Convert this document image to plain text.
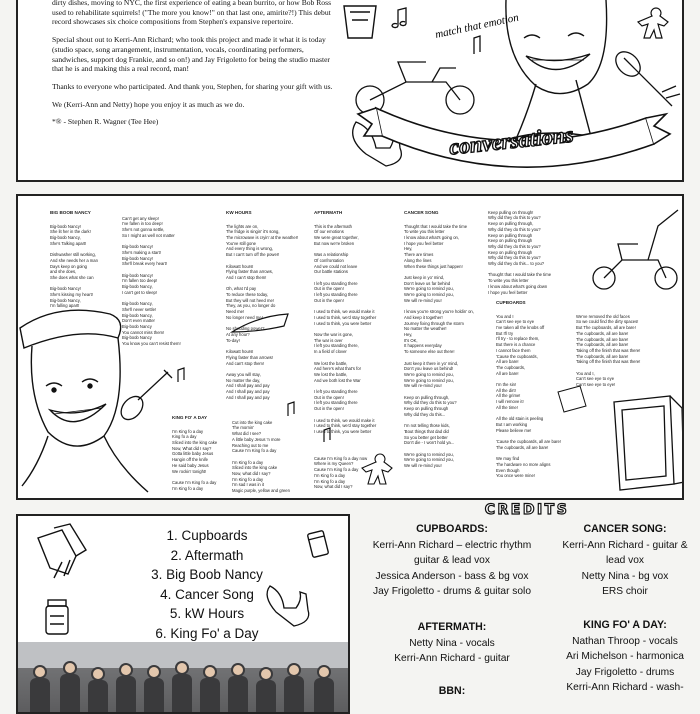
dirty dishes, moving to NYC, the first experience of eating a bean burrito, or how Bob Ross used to rehabilitate squirrels! ("The more you know!" on that last one, amirite?!) This debut record showcases six choice compositions from Stephen's expansive repertoire.

Special shout out to Kerri-Ann Richard; who took this project and made it what it is today (studio space, song arrangement, instrumentation, vocals, coordinating performers, sandwiches, support dog Frankie, and so on!) and Jay Frigoletto for being the studio master that he is and making this a real record, man!

Thanks to everyone who participated. And thank you, Stephen, for sharing your gift with us.

We (Kerri-Ann and Netty) hope you enjoy it as much as we do.

*® - Stephen R. Wagner (Tee Hee)

match that emotion
conversations

BIG BOOB NANCY

Big-boob Nancy!
She lit her in the dark!
Big-boob Nancy,
She's Talking apart!

Dishwasher still working,
And she needs her a man
Days keep on going
and she does,
She does what she can

Big-boob Nancy!
She's kissing my heart!
Big-boob Nancy,
I'm falling apart!

Can't get any sleep!
I've fallen in too deep!
She's not gonna settle,
So I might as well not matter

Big-boob Nancy!
She's making a start!
Big-boob Nancy!
She'll break every heart!

Big-boob Nancy!
I'm fallen too deep!
Big-boob Nancy,
I can't get to sleep!

Big-boob Nancy,
She'll never settle!
Big-boob Nancy,
Don't even matter
Big-boob Nancy
You cannot miss them!
Big-boob Nancy
You know you can't resist them!

KW HOURS

The lights are on,
The fridge is singin' it's song,
The microwave is cryin' at the weather!
You've still gone
And every thing is wrong,
But I can't turn off the power!

Kilowatt hours!
Flying faster than arrows,
And I can't stop them!

Oh, what I'd pay
To reduce these today,
But they will not heed me!
They, as you, no longer do
Need me!
No longer need me!

No shedding power?
At any hour?
To-day!

Kilowatt hours!
Flying faster than arrows!
And can't stop them!

Away you will stay,
No matter the day,
And I shall pay and pay
And I shall pay and pay
And I shall pay and pay

KING FO' A DAY

I'm King fo a day
King fo a day
Sliced into the king cake
Now, What did I say?
Gotta little baby Jesus
Hangin off the knife
He said baby Jesus
We rockin' tonight!

Cause I'm King fo a day
I'm King fo a day

Cut into the king cake
The mornin'
What did I see?
A little baby Jesus 'n more
Reaching out to me
Cause I'm King fo a day

I'm King fo a day
Sliced into the king cake
Now, what did I say?
I'm King fo a day
I'm sad I was in it
Magic purple, yellow and green

AFTERMATH

This is the aftermath
Of our emotions
We were great together,
But now we're broken

Was a relationship
Of confrontation
And we could not leave
Our battle stations

I left you standing there
Out in the open!
I left you standing there
Out in the open!

I used to think, we would make it
I used to think, we'd stay together
I used to think, you were better

Now the war is gone,
The war is over
I left you standing there,
In a field of clover

We lost the battle,
And here's what that's for
We lost the battle,
And we both lost the War

I left you standing there
Out in the open!
I left you standing there
Out in the open!

I used to think, we would make it
I used to think, we'd stay together
I used to think, you were better

Cause I'm King fo a day now
Where is my Queen?
Cause I'm King fo a day
I'm King fo a day
I'm King fo a day
Now, what did I say?

CANCER SONG

Thought that I would take the time
To write you this letter
I know about what's going on,
I hope you feel better
Hey,
There are times
Along the lines
When these things just happen!

Just keep in yo' mind,
Don't leave us far behind
We're going to remind you,
We're going to remind you,
We will re-mind you!

I know you're strong you're holdin' on,
And keep it together!
Journey fixing through the storm
No matter the weather!
Hey,
It's OK,
It happens everyday
To someone else out there!

Just keep it there in yo' mind,
Don't you leave us behind!
We're going to remind you,
We're going to remind you,
We will re-mind you!

Keep on pulling through,
Why did they do this to you?
Keep on pulling through
Why did they do this...

I'm not telling those kids,
'Bout things that dad did
So you better get better
Don't die - I won't hold ya...

We're going to remind you,
We're going to remind you,
We will re-mind you!

Keep pulling on through!
Why did they do this to you?
Keep on pulling through,
Why did they do this to you?
Keep on pulling through
Keep on pulling through
Why did they do this to you?
Keep on pulling through
Why did they do this to you?
Why did they do this... to you?

Thought that I would take the time
To write you this letter
I know about what's going down
I hope you feel better

CUPBOARDS

You and I
Can't see eye to eye
I've taken all the knobs off
But I'll try
I'll try - to replace them,
But there is a chance
I cannot face them
'Cause the cupboards,
All are bare!
The cupboards,
All are bare!

I'm the sin!
All the dirt!
All the grime!
I will remove it!
All the time!

All the old stain is peeling
But I am working
Please believe me!

'Cause the cupboards, all are bare!
The cupboards, all are bare!

We may find
The hardware no more aligns
Even though
You once were mine!

We've removed the old faces
So we could find the dirty spaces!
But The cupboards, all are bare!
The cupboards, all are bare!
The cupboards, all are bare!
The cupboards, all are bare!
Taking off the finish that was there!
The cupboards, all are bare!
Taking off the finish that was there!

You and I,
Can't see eye to eye
Can't see eye to eye!

1. Cupboards
2. Aftermath
3. Big Boob Nancy
4. Cancer Song
5. kW Hours
6. King Fo' a Day
CREDITS
CUPBOARDS:
Kerri-Ann Richard – electric rhythm
guitar & lead vox
Jessica Anderson - bass & bg vox
Jay Frigoletto - drums & guitar solo
CANCER SONG:
Kerri-Ann Richard - guitar &
lead vox
Netty Nina - bg vox
ERS choir
AFTERMATH:
Netty Nina - vocals
Kerri-Ann Richard - guitar
BBN:
KING FO' A DAY:
Nathan Throop - vocals
Ari Michelson - harmonica
Jay Frigoletto - drums
Kerri-Ann Richard - wash-
